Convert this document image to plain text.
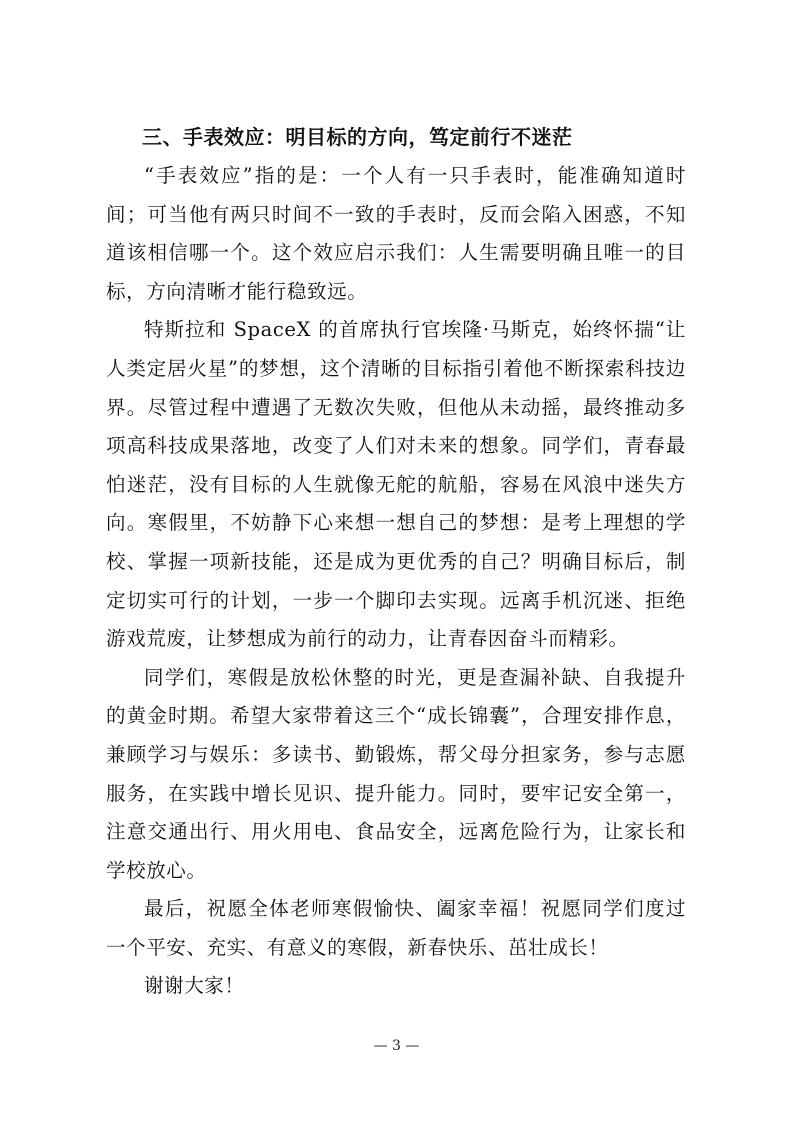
三、手表效应：明目标的方向，笃定前行不迷茫

“手表效应”指的是：一个人有一只手表时，能准确知道时间；可当他有两只时间不一致的手表时，反而会陷入困惑，不知道该相信哪一个。这个效应启示我们：人生需要明确且唯一的目标，方向清晰才能行稳致远。

特斯拉和 SpaceX 的首席执行官埃隆·马斯克，始终怀揣“让人类定居火星”的梦想，这个清晰的目标指引着他不断探索科技边界。尽管过程中遭遇了无数次失败，但他从未动摇，最终推动多项高科技成果落地，改变了人们对未来的想象。同学们，青春最怕迷茫，没有目标的人生就像无舵的航船，容易在风浪中迷失方向。寒假里，不妨静下心来想一想自己的梦想：是考上理想的学校、掌握一项新技能，还是成为更优秀的自己？明确目标后，制定切实可行的计划，一步一个脚印去实现。远离手机沉迷、拒绝游戏荒废，让梦想成为前行的动力，让青春因奋斗而精彩。

同学们，寒假是放松休整的时光，更是查漏补缺、自我提升的黄金时期。希望大家带着这三个“成长锦囊”，合理安排作息，兼顾学习与娱乐：多读书、勤锻炼，帮父母分担家务，参与志愿服务，在实践中增长见识、提升能力。同时，要牢记安全第一，注意交通出行、用火用电、食品安全，远离危险行为，让家长和学校放心。

最后，祝愿全体老师寒假愉快、阖家幸福！祝愿同学们度过一个平安、充实、有意义的寒假，新春快乐、茁壮成长！

谢谢大家！

— 3 —
